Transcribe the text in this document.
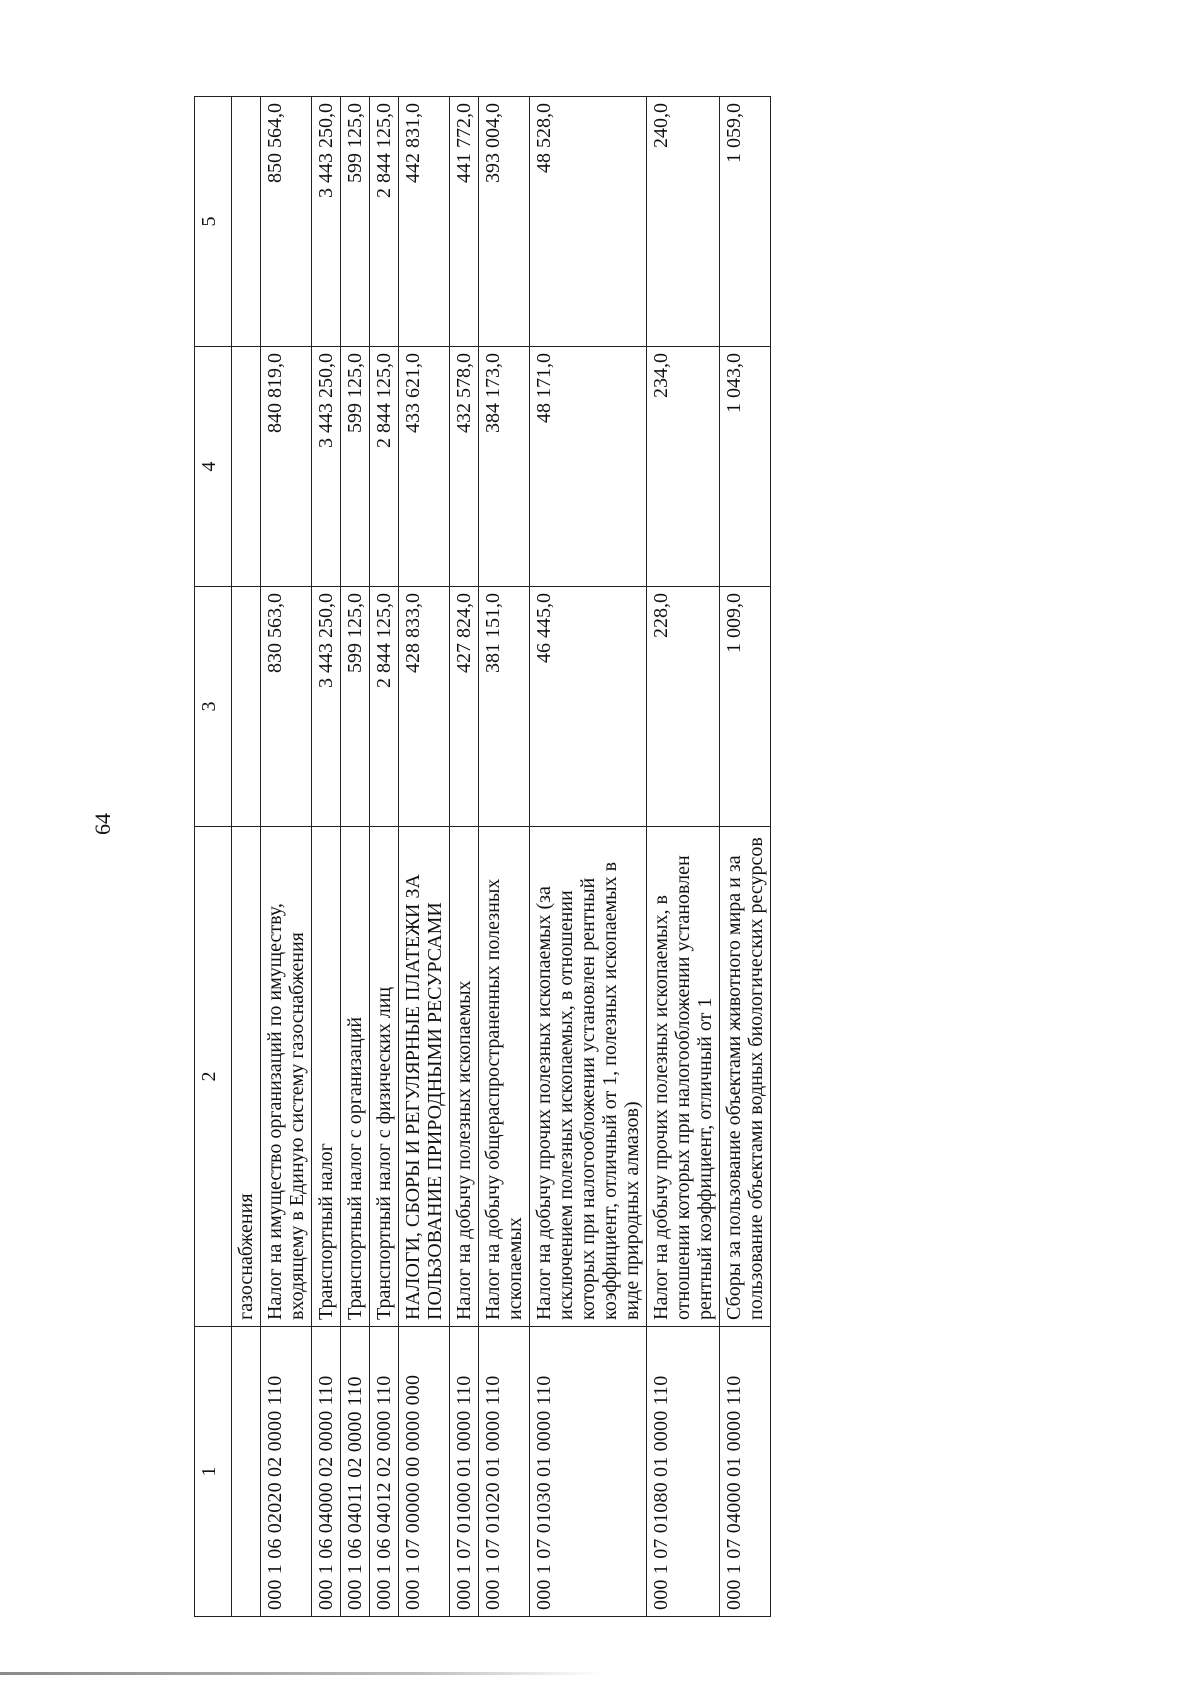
64
1	2	3	4	5
	газоснабжения			
000 1 06 02020 02 0000 110	Налог на имущество организаций по имуществу, входящему в Единую систему газоснабжения	830 563,0	840 819,0	850 564,0
000 1 06 04000 02 0000 110	Транспортный налог	3 443 250,0	3 443 250,0	3 443 250,0
000 1 06 04011 02 0000 110	Транспортный налог с организаций	599 125,0	599 125,0	599 125,0
000 1 06 04012 02 0000 110	Транспортный налог с физических лиц	2 844 125,0	2 844 125,0	2 844 125,0
000 1 07 00000 00 0000 000	НАЛОГИ, СБОРЫ И РЕГУЛЯРНЫЕ ПЛАТЕЖИ ЗА ПОЛЬЗОВАНИЕ ПРИРОДНЫМИ РЕСУРСАМИ	428 833,0	433 621,0	442 831,0
000 1 07 01000 01 0000 110	Налог на добычу полезных ископаемых	427 824,0	432 578,0	441 772,0
000 1 07 01020 01 0000 110	Налог на добычу общераспространенных полезных ископаемых	381 151,0	384 173,0	393 004,0
000 1 07 01030 01 0000 110	Налог на добычу прочих полезных ископаемых (за исключением полезных ископаемых, в отношении которых при налогообложении установлен рентный коэффициент, отличный от 1, полезных ископаемых в виде природных алмазов)	46 445,0	48 171,0	48 528,0
000 1 07 01080 01 0000 110	Налог на добычу прочих полезных ископаемых, в отношении которых при налогообложении установлен рентный коэффициент, отличный от 1	228,0	234,0	240,0
000 1 07 04000 01 0000 110	Сборы за пользование объектами животного мира и за пользование объектами водных биологических ресурсов	1 009,0	1 043,0	1 059,0
